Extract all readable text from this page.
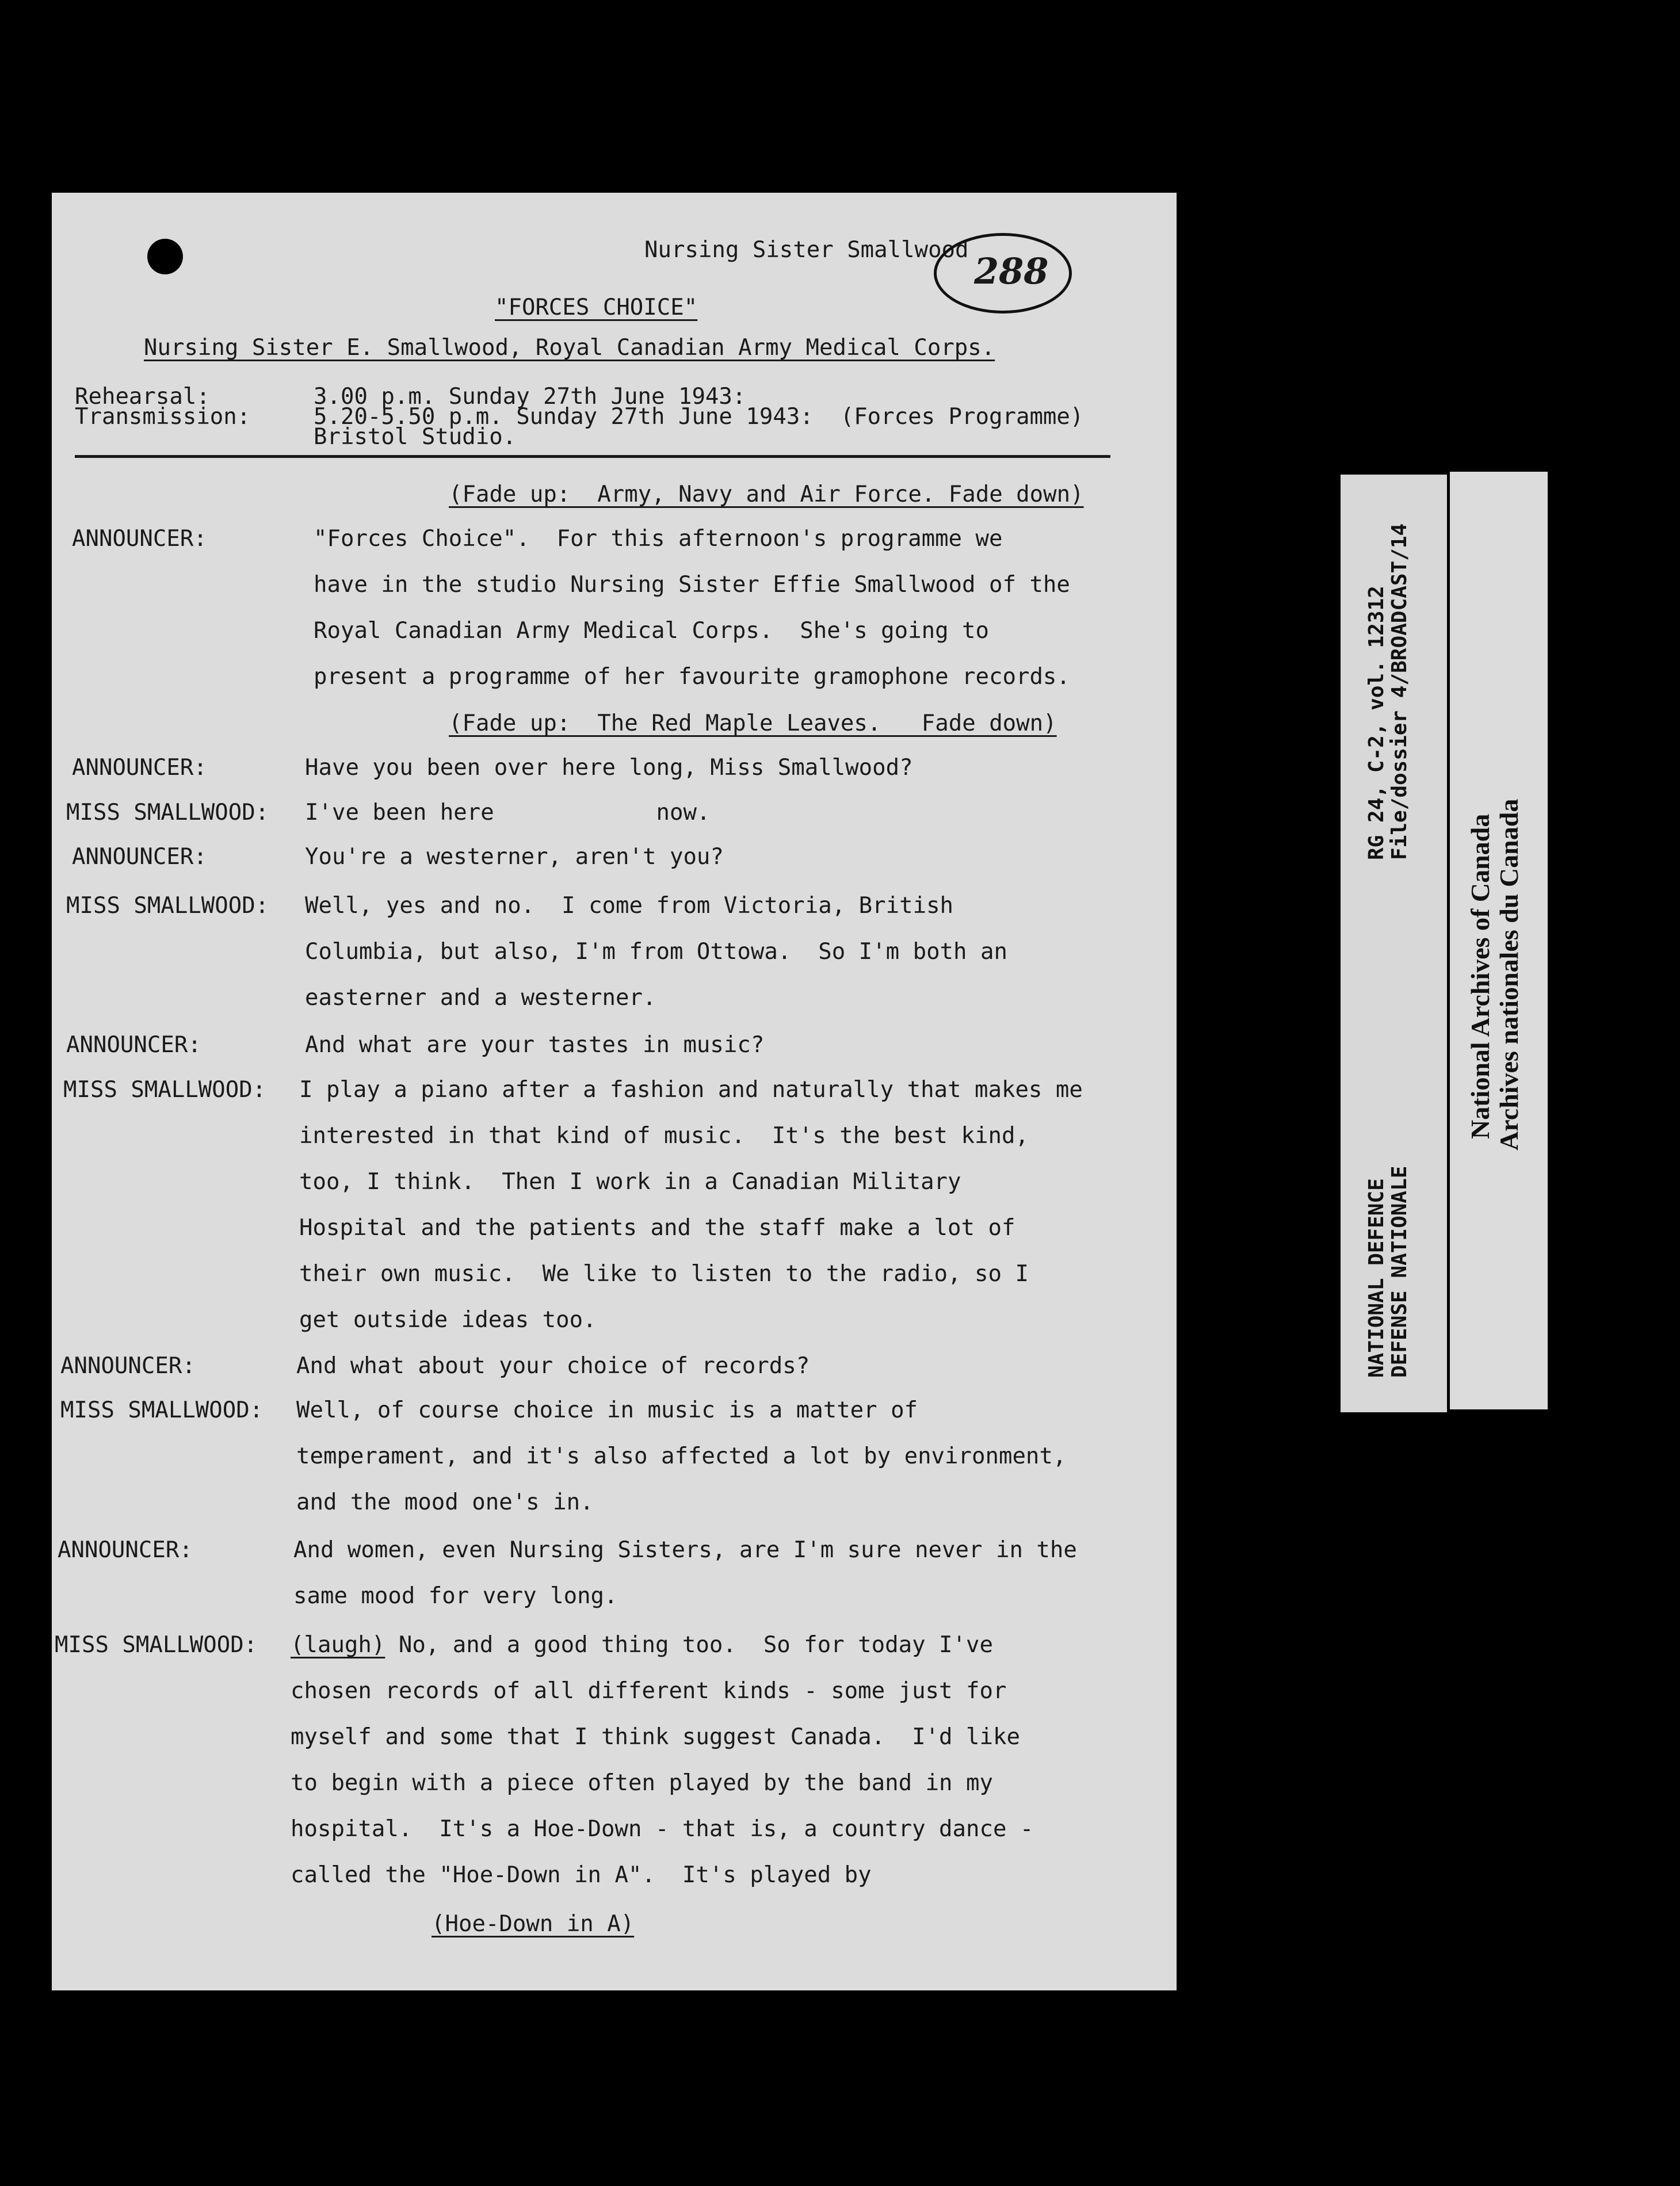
Nursing Sister Smallwood
288
"FORCES CHOICE"
Nursing Sister E. Smallwood, Royal Canadian Army Medical Corps.
Rehearsal:	3.00 p.m. Sunday 27th June 1943:
Transmission:	5.20-5.50 p.m. Sunday 27th June 1943:  (Forces Programme)
Bristol Studio.
(Fade up:  Army, Navy and Air Force. Fade down)
ANNOUNCER:	"Forces Choice".  For this afternoon's programme we
have in the studio Nursing Sister Effie Smallwood of the
Royal Canadian Army Medical Corps.  She's going to
present a programme of her favourite gramophone records.
(Fade up:  The Red Maple Leaves.   Fade down)
ANNOUNCER:	Have you been over here long, Miss Smallwood?
MISS SMALLWOOD: I've been here            now.
ANNOUNCER:	You're a westerner, aren't you?
MISS SMALLWOOD: Well, yes and no.  I come from Victoria, British
Columbia, but also, I'm from Ottowa.  So I'm both an
easterner and a westerner.
ANNOUNCER:	And what are your tastes in music?
MISS SMALLWOOD: I play a piano after a fashion and naturally that makes me
interested in that kind of music.  It's the best kind,
too, I think.  Then I work in a Canadian Military
Hospital and the patients and the staff make a lot of
their own music.  We like to listen to the radio, so I
get outside ideas too.
ANNOUNCER:	And what about your choice of records?
MISS SMALLWOOD: Well, of course choice in music is a matter of
temperament, and it's also affected a lot by environment,
and the mood one's in.
ANNOUNCER:	And women, even Nursing Sisters, are I'm sure never in the
same mood for very long.
MISS SMALLWOOD: (laugh) No, and a good thing too.  So for today I've
chosen records of all different kinds - some just for
myself and some that I think suggest Canada.  I'd like
to begin with a piece often played by the band in my
hospital.  It's a Hoe-Down - that is, a country dance -
called the "Hoe-Down in A".  It's played by
(Hoe-Down in A)
NATIONAL DEFENCE DEFENSE NATIONALE
RG 24, C-2, vol. 12312 File/dossier 4/BROADCAST/14
National Archives of Canada Archives nationales du Canada
